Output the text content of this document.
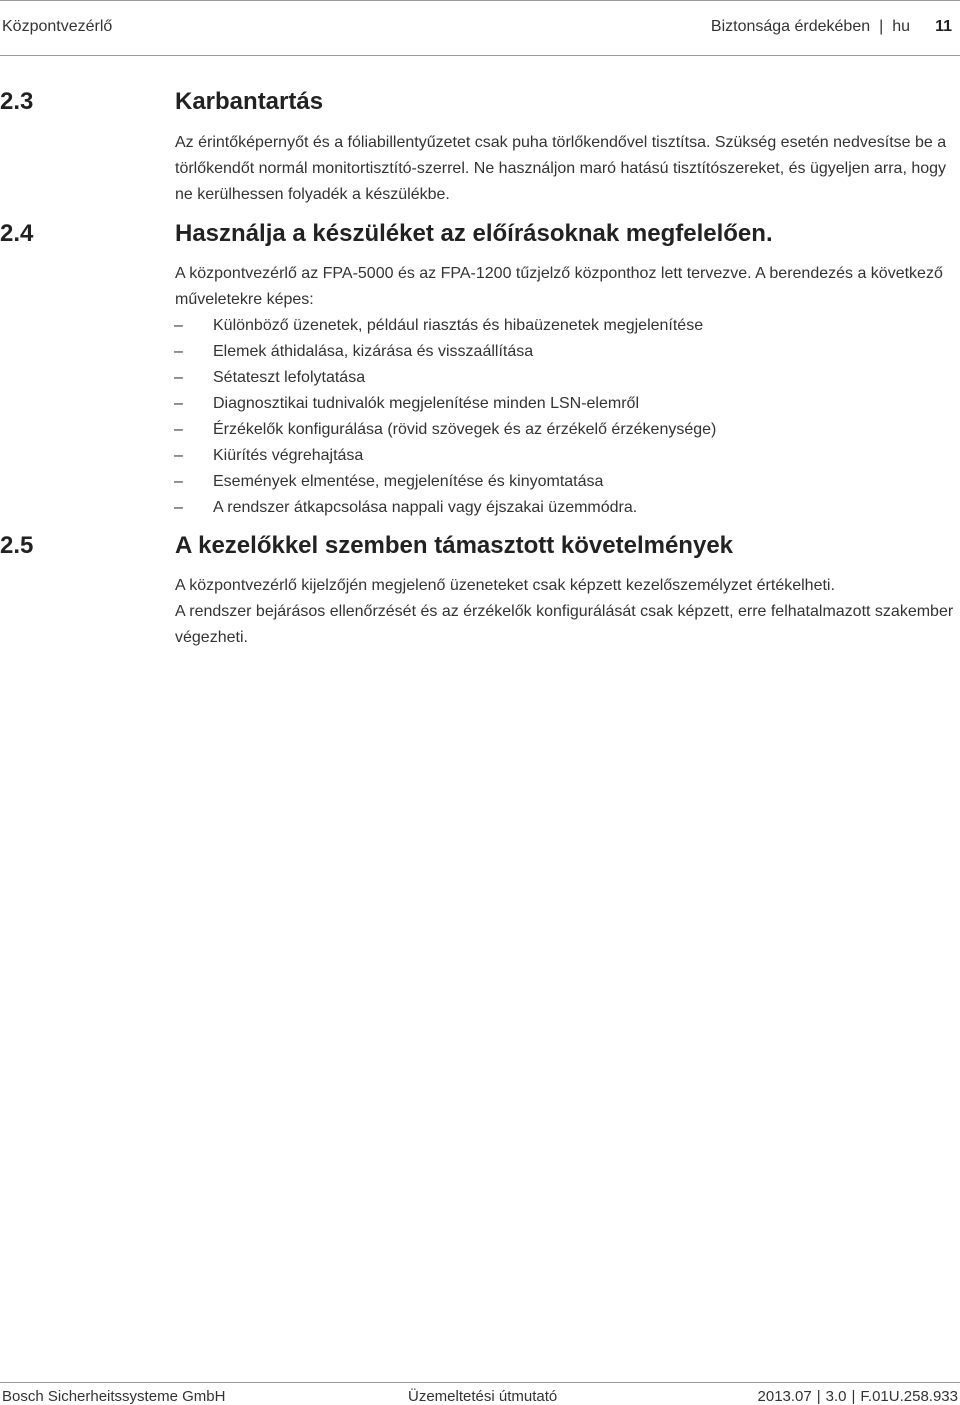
Központvezérlő	Biztonsága érdekében | hu 11
2.3	Karbantartás

Az érintőképernyőt és a fóliabillentyűzetet csak puha törlőkendővel tisztítsa. Szükség esetén nedvesítse be a törlőkendőt normál monitortisztító-szerrel. Ne használjon maró hatású tisztítószereket, és ügyeljen arra, hogy ne kerülhessen folyadék a készülékbe.

2.4	Használja a készüléket az előírásoknak megfelelően.

A központvezérlő az FPA-5000 és az FPA-1200 tűzjelző központhoz lett tervezve. A berendezés a következő műveletekre képes:

– Különböző üzenetek, például riasztás és hibaüzenetek megjelenítése
– Elemek áthidalása, kizárása és visszaállítása
– Sétateszt lefolytatása
– Diagnosztikai tudnivalók megjelenítése minden LSN-elemről
– Érzékelők konfigurálása (rövid szövegek és az érzékelő érzékenysége)
– Kiürítés végrehajtása
– Események elmentése, megjelenítése és kinyomtatása
– A rendszer átkapcsolása nappali vagy éjszakai üzemmódra.
2.5	A kezelőkkel szemben támasztott követelmények

A központvezérlő kijelzőjén megjelenő üzeneteket csak képzett kezelőszemélyzet értékelheti.

A rendszer bejárásos ellenőrzését és az érzékelők konfigurálását csak képzett, erre felhatalmazott szakember végezheti.

Bosch Sicherheitssysteme GmbH	Üzemeltetési útmutató	2013.07 | 3.0 | F.01U.258.933
